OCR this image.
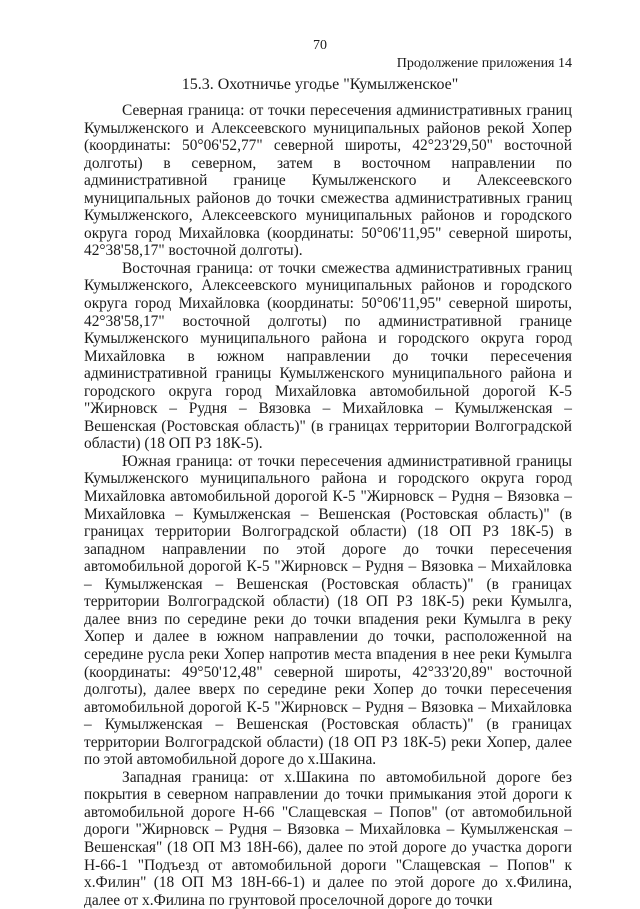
70
Продолжение приложения 14
15.3. Охотничье угодье "Кумылженское"

Северная граница: от точки пересечения административных границ Кумылженского и Алексеевского муниципальных районов рекой Хопер (координаты: 50°06'52,77" северной широты, 42°23'29,50" восточной долготы) в северном, затем в восточном направлении по административной границе Кумылженского и Алексеевского муниципальных районов до точки смежества административных границ Кумылженского, Алексеевского муниципальных районов и городского округа город Михайловка (координаты: 50°06'11,95" северной широты, 42°38'58,17" восточной долготы).

Восточная граница: от точки смежества административных границ Кумылженского, Алексеевского муниципальных районов и городского округа город Михайловка (координаты: 50°06'11,95" северной широты, 42°38'58,17" восточной долготы) по административной границе Кумылженского муниципального района и городского округа город Михайловка в южном направлении до точки пересечения административной границы Кумылженского муниципального района и городского округа город Михайловка автомобильной дорогой К-5 "Жирновск – Рудня – Вязовка – Михайловка – Кумылженская – Вешенская (Ростовская область)" (в границах территории Волгоградской области) (18 ОП РЗ 18К-5).

Южная граница: от точки пересечения административной границы Кумылженского муниципального района и городского округа город Михайловка автомобильной дорогой К-5 "Жирновск – Рудня – Вязовка – Михайловка – Кумылженская – Вешенская (Ростовская область)" (в границах территории Волгоградской области) (18 ОП РЗ 18К-5) в западном направлении по этой дороге до точки пересечения автомобильной дорогой К-5 "Жирновск – Рудня – Вязовка – Михайловка – Кумылженская – Вешенская (Ростовская область)" (в границах территории Волгоградской области) (18 ОП РЗ 18К-5) реки Кумылга, далее вниз по середине реки до точки впадения реки Кумылга в реку Хопер и далее в южном направлении до точки, расположенной на середине русла реки Хопер напротив места впадения в нее реки Кумылга (координаты: 49°50'12,48" северной широты, 42°33'20,89" восточной долготы), далее вверх по середине реки Хопер до точки пересечения автомобильной дорогой К-5 "Жирновск – Рудня – Вязовка – Михайловка – Кумылженская – Вешенская (Ростовская область)" (в границах территории Волгоградской области) (18 ОП РЗ 18К-5) реки Хопер, далее по этой автомобильной дороге до х.Шакина.

Западная граница: от х.Шакина по автомобильной дороге без покрытия в северном направлении до точки примыкания этой дороги к автомобильной дороге Н-66 "Слащевская – Попов" (от автомобильной дороги "Жирновск – Рудня – Вязовка – Михайловка – Кумылженская – Вешенская" (18 ОП МЗ 18Н-66), далее по этой дороге до участка дороги Н-66-1 "Подъезд от автомобильной дороги "Слащевская – Попов" к х.Филин" (18 ОП МЗ 18Н-66-1) и далее по этой дороге до х.Филина, далее от х.Филина по грунтовой проселочной дороге до точки
